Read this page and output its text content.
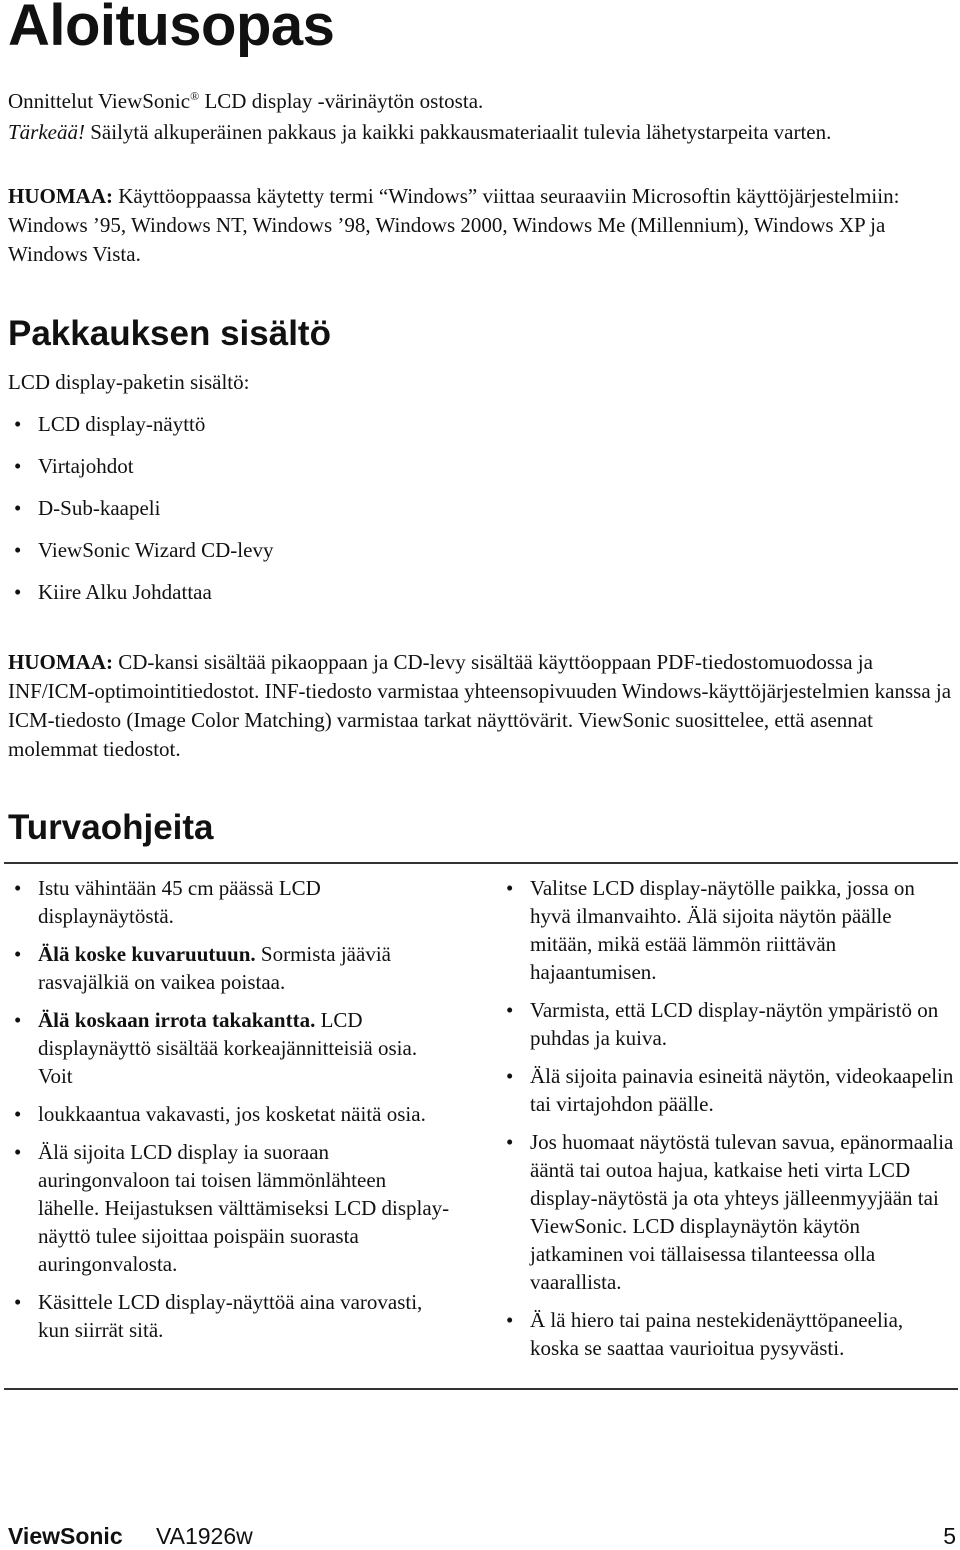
Aloitusopas

Onnittelut ViewSonic® LCD display -värinäytön ostosta.

Tärkeää! Säilytä alkuperäinen pakkaus ja kaikki pakkausmateriaalit tulevia lähetystarpeita varten.

HUOMAA: Käyttöoppaassa käytetty termi “Windows” viittaa seuraaviin Microsoftin käyttöjärjestelmiin: Windows ’95, Windows NT, Windows ’98, Windows 2000, Windows Me (Millennium), Windows XP ja Windows Vista.

Pakkauksen sisältö

LCD display-paketin sisältö:

• LCD display-näyttö
• Virtajohdot
• D-Sub-kaapeli
• ViewSonic Wizard CD-levy
• Kiire Alku Johdattaa

HUOMAA: CD-kansi sisältää pikaoppaan ja CD-levy sisältää käyttöoppaan PDF-tiedostomuodossa ja INF/ICM-optimointitiedostot. INF-tiedosto varmistaa yhteensopivuuden Windows-käyttöjärjestelmien kanssa ja ICM-tiedosto (Image Color Matching) varmistaa tarkat näyttövärit. ViewSonic suosittelee, että asennat molemmat tiedostot.

Turvaohjeita
• Istu vähintään 45 cm päässä LCD displaynäytöstä.
• Älä koske kuvaruutuun. Sormista jääviä rasvajälkiä on vaikea poistaa.
• Älä koskaan irrota takakantta. LCD displaynäyttö sisältää korkeajännitteisiä osia. Voit
• loukkaantua vakavasti, jos kosketat näitä osia.
• Älä sijoita LCD display ia suoraan auringonvaloon tai toisen lämmönlähteen lähelle. Heijastuksen välttämiseksi LCD display-näyttö tulee sijoittaa poispäin suorasta auringonvalosta.
• Käsittele LCD display-näyttöä aina varovasti, kun siirrät sitä.
• Valitse LCD display-näytölle paikka, jossa on hyvä ilmanvaihto. Älä sijoita näytön päälle mitään, mikä estää lämmön riittävän hajaantumisen.
• Varmista, että LCD display-näytön ympäristö on puhdas ja kuiva.
• Älä sijoita painavia esineitä näytön, videokaapelin tai virtajohdon päälle.
• Jos huomaat näytöstä tulevan savua, epänormaalia ääntä tai outoa hajua, katkaise heti virta LCD display-näytöstä ja ota yhteys jälleenmyyjään tai ViewSonic. LCD displaynäytön käytön jatkaminen voi tällaisessa tilanteessa olla vaarallista.
• Ä lä hiero tai paina nestekidenäyttöpaneelia, koska se saattaa vaurioitua pysyvästi.
ViewSonic VA1926w	5
